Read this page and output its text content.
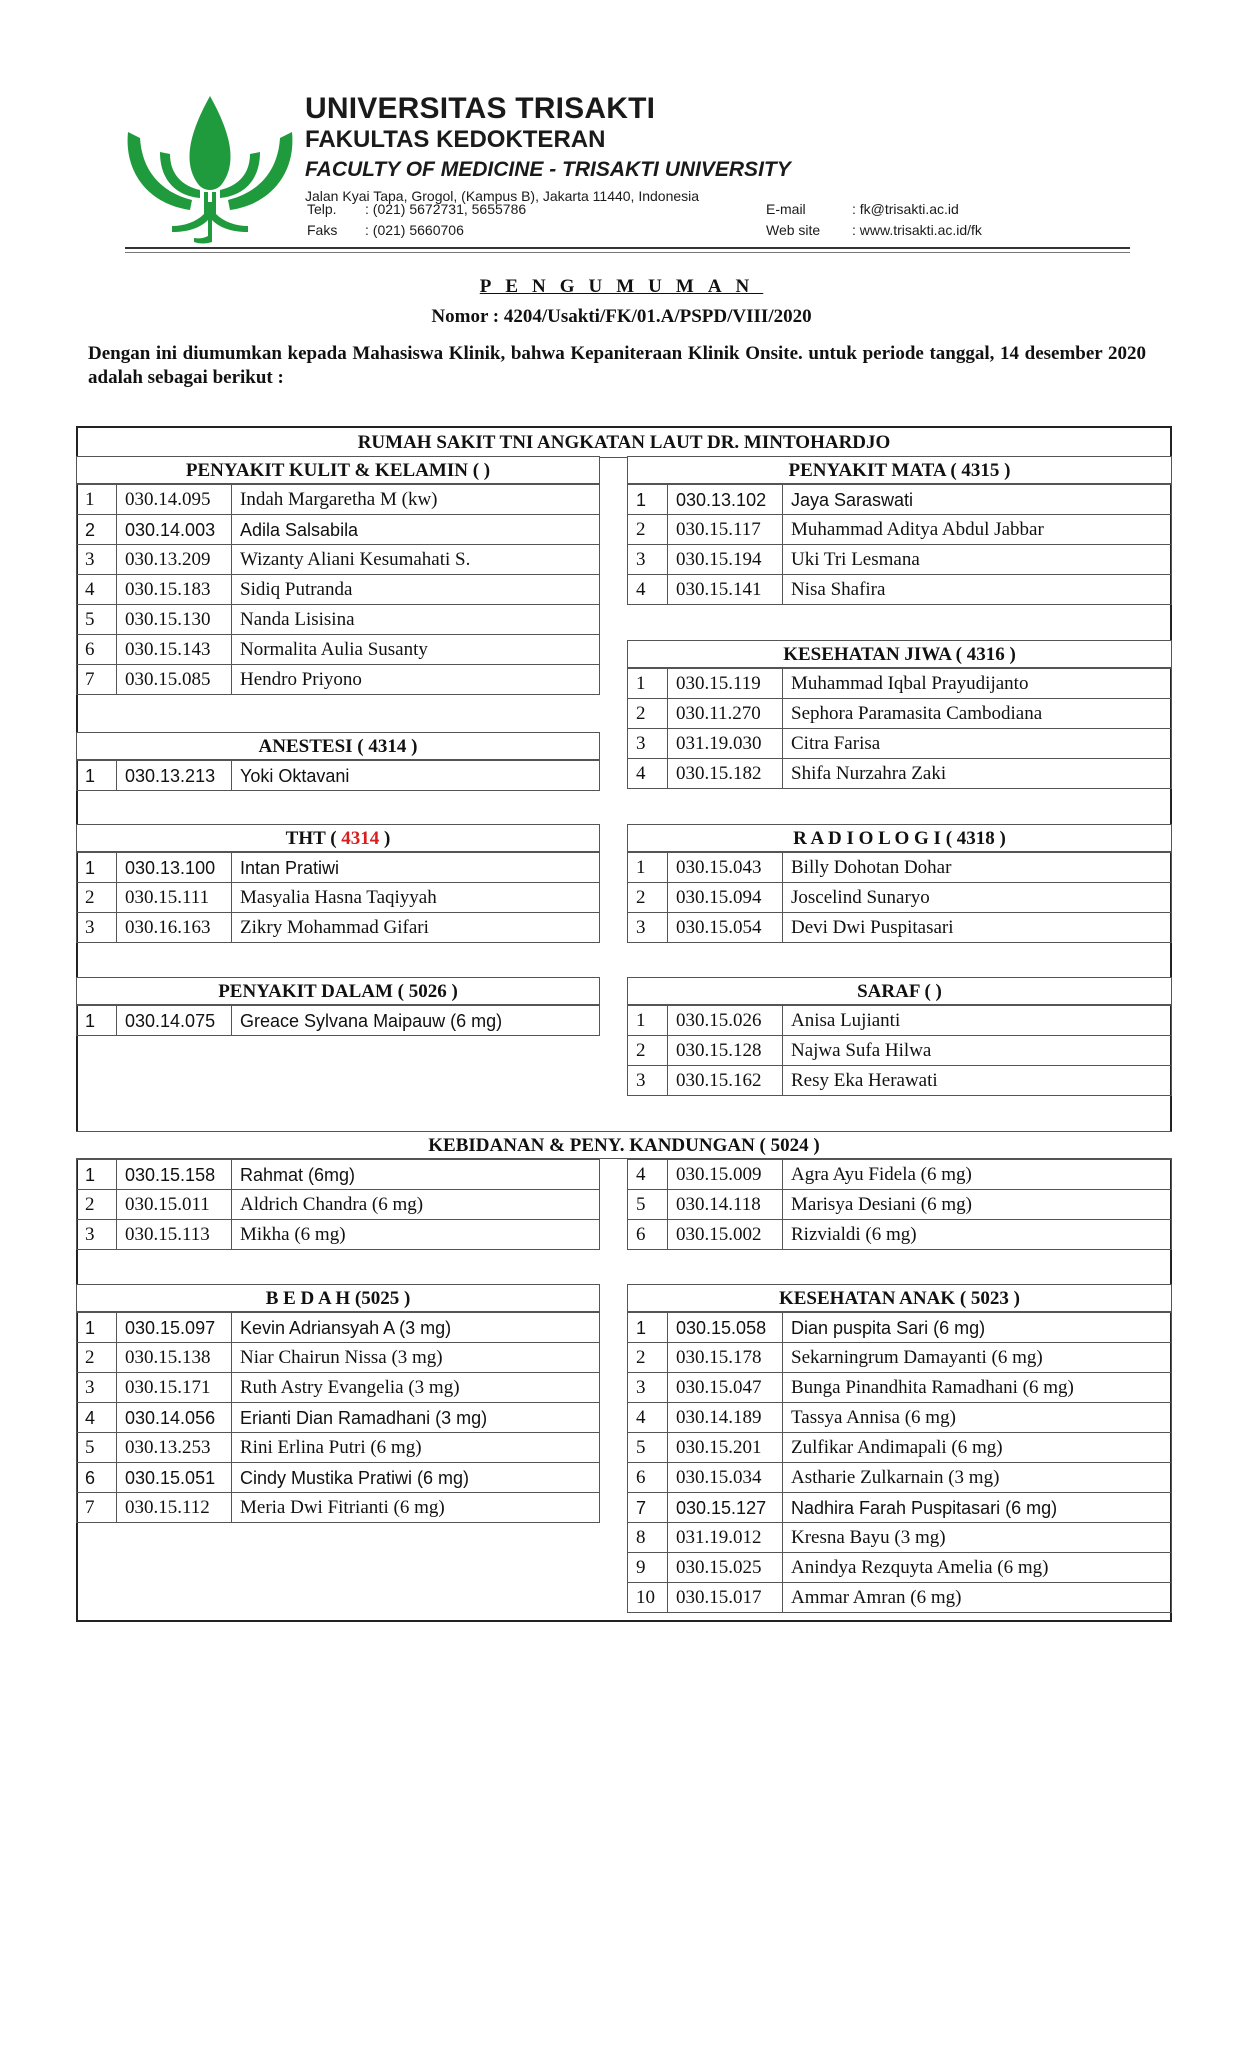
UNIVERSITAS TRISAKTI
FAKULTAS KEDOKTERAN
FACULTY OF MEDICINE - TRISAKTI UNIVERSITY
Jalan Kyai Tapa, Grogol, (Kampus B), Jakarta 11440, Indonesia
Telp.	: (021) 5672731, 5655786
Faks	: (021) 5660706
E-mail	: fk@trisakti.ac.id
Web site	: www.trisakti.ac.id/fk
PENGUMUMAN
Nomor : 4204/Usakti/FK/01.A/PSPD/VIII/2020
Dengan ini diumumkan kepada Mahasiswa Klinik, bahwa Kepaniteraan Klinik Onsite. untuk periode tanggal, 14 desember 2020 adalah sebagai berikut :
RUMAH SAKIT TNI ANGKATAN LAUT DR. MINTOHARDJO
PENYAKIT KULIT & KELAMIN ( )
1	030.14.095	Indah Margaretha M (kw)
2	030.14.003	Adila Salsabila
3	030.13.209	Wizanty Aliani Kesumahati S.
4	030.15.183	Sidiq Putranda
5	030.15.130	Nanda Lisisina
6	030.15.143	Normalita Aulia Susanty
7	030.15.085	Hendro Priyono
PENYAKIT MATA ( 4315 )
1	030.13.102	Jaya Saraswati
2	030.15.117	Muhammad Aditya Abdul Jabbar
3	030.15.194	Uki Tri Lesmana
4	030.15.141	Nisa Shafira
KESEHATAN JIWA ( 4316 )
1	030.15.119	Muhammad Iqbal Prayudijanto
2	030.11.270	Sephora Paramasita Cambodiana
3	031.19.030	Citra Farisa
4	030.15.182	Shifa Nurzahra Zaki
ANESTESI ( 4314 )
1	030.13.213	Yoki Oktavani
THT ( 4314 )
1	030.13.100	Intan Pratiwi
2	030.15.111	Masyalia Hasna Taqiyyah
3	030.16.163	Zikry Mohammad Gifari
R A D I O L O G I ( 4318 )
1	030.15.043	Billy Dohotan Dohar
2	030.15.094	Joscelind Sunaryo
3	030.15.054	Devi Dwi Puspitasari
PENYAKIT DALAM ( 5026 )
1	030.14.075	Greace Sylvana Maipauw (6 mg)
SARAF ( )
1	030.15.026	Anisa Lujianti
2	030.15.128	Najwa Sufa Hilwa
3	030.15.162	Resy Eka Herawati
KEBIDANAN & PENY. KANDUNGAN ( 5024 )
1	030.15.158	Rahmat (6mg)
2	030.15.011	Aldrich Chandra (6 mg)
3	030.15.113	Mikha (6 mg)
4	030.15.009	Agra Ayu Fidela (6 mg)
5	030.14.118	Marisya Desiani (6 mg)
6	030.15.002	Rizvialdi (6 mg)
B E D A H (5025 )
1	030.15.097	Kevin Adriansyah A (3 mg)
2	030.15.138	Niar Chairun Nissa (3 mg)
3	030.15.171	Ruth Astry Evangelia (3 mg)
4	030.14.056	Erianti Dian Ramadhani (3 mg)
5	030.13.253	Rini Erlina Putri (6 mg)
6	030.15.051	Cindy Mustika Pratiwi (6 mg)
7	030.15.112	Meria Dwi Fitrianti (6 mg)
KESEHATAN ANAK ( 5023 )
1	030.15.058	Dian puspita Sari (6 mg)
2	030.15.178	Sekarningrum Damayanti (6 mg)
3	030.15.047	Bunga Pinandhita Ramadhani (6 mg)
4	030.14.189	Tassya Annisa (6 mg)
5	030.15.201	Zulfikar Andimapali (6 mg)
6	030.15.034	Astharie Zulkarnain (3 mg)
7	030.15.127	Nadhira Farah Puspitasari (6 mg)
8	031.19.012	Kresna Bayu (3 mg)
9	030.15.025	Anindya Rezquyta Amelia (6 mg)
10	030.15.017	Ammar Amran (6 mg)
